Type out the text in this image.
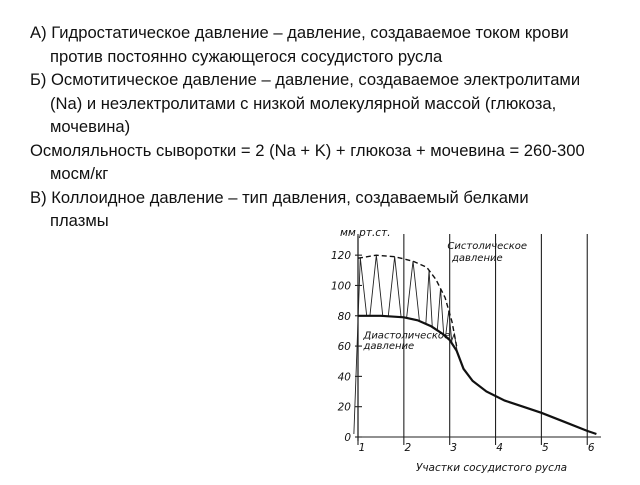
А) Гидростатическое давление – давление, создаваемое током крови

против постоянно сужающегося сосудистого русла

Б) Осмотитическое давление – давление, создаваемое электролитами

(Na) и неэлектролитами с низкой молекулярной массой (глюкоза,

мочевина)

Осмоляльность сыворотки = 2 (Na + K) + глюкоза + мочевина = 260-300

мосм/кг

В) Коллоидное давление – тип давления, создаваемый белками

плазмы

0
20
40
60
80
100
120
1	2	3	4	5	6
мм рт.ст.
Участки сосудистого русла
Систолическое
давление
Диастолическое
давление
